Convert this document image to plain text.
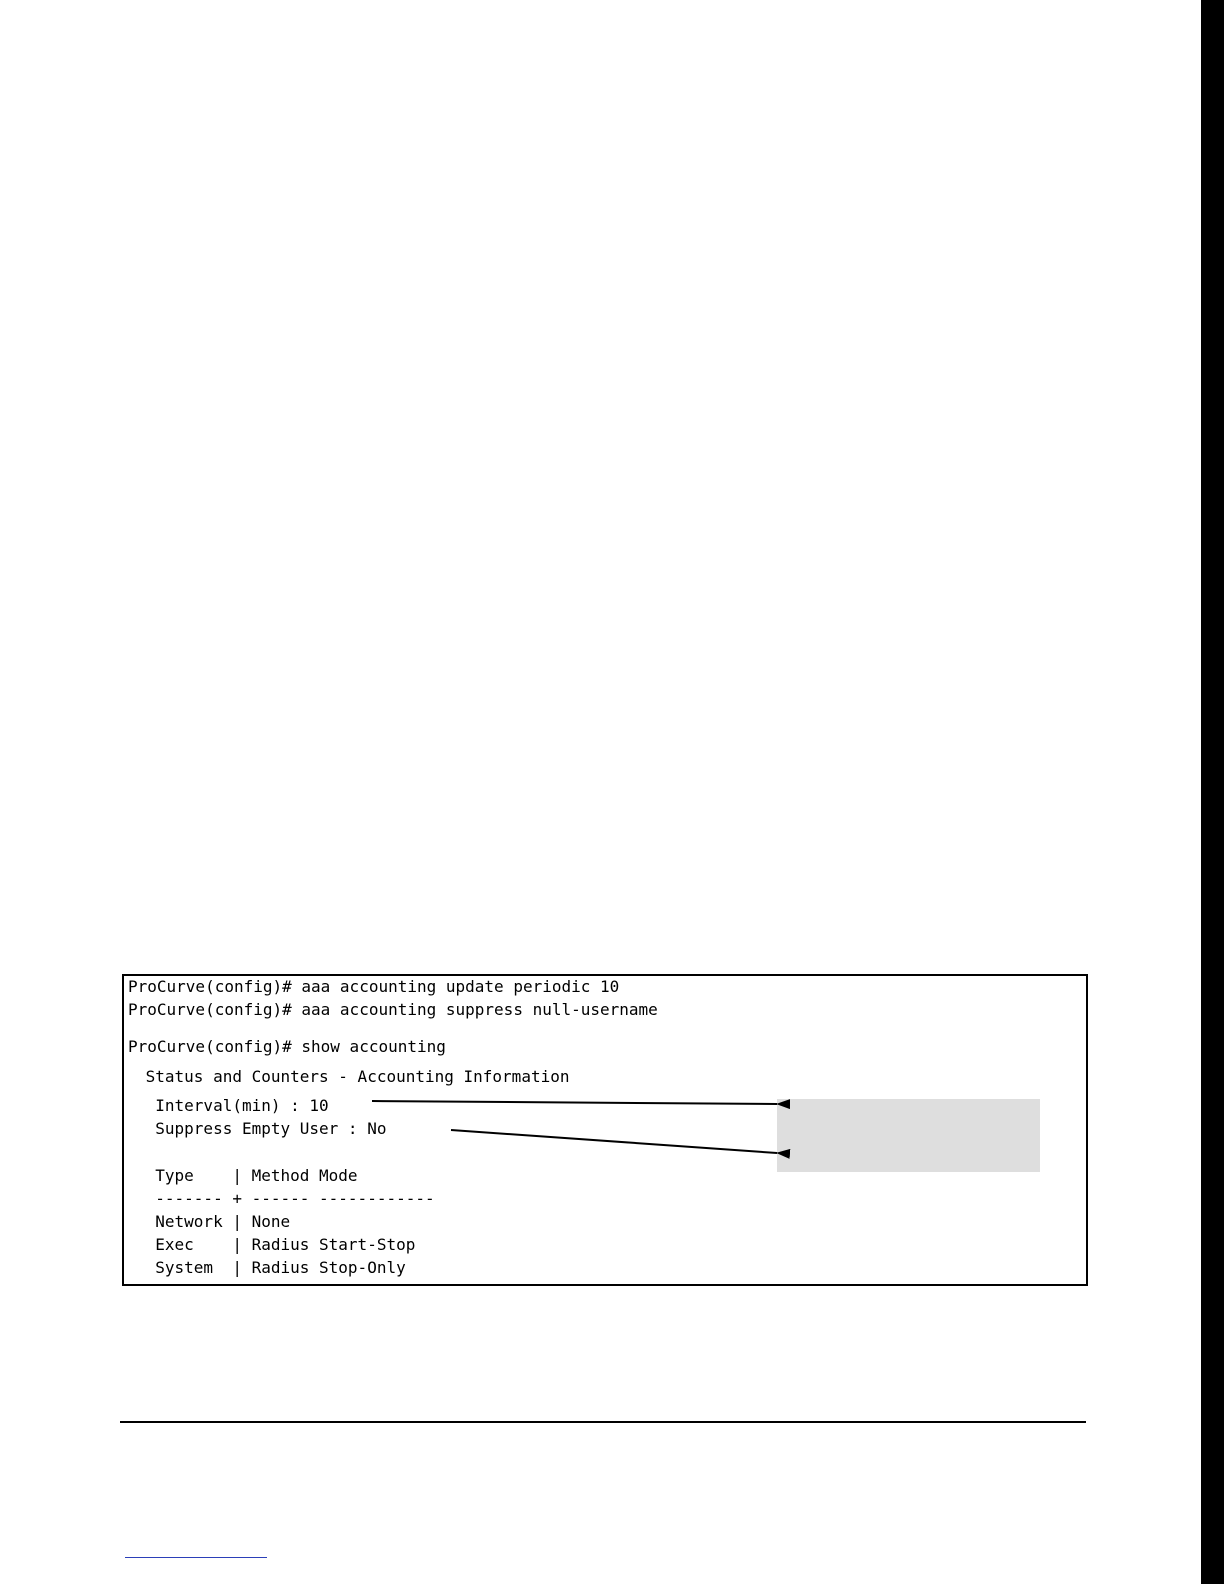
ProCurve(config)# aaa accounting update periodic 10
ProCurve(config)# aaa accounting suppress null-username
ProCurve(config)# show accounting
Status and Counters - Accounting Information
Interval(min) : 10
Suppress Empty User : No
Type    | Method Mode
------- + ------ ------------
Network | None
Exec    | Radius Start-Stop
System  | Radius Stop-Only
